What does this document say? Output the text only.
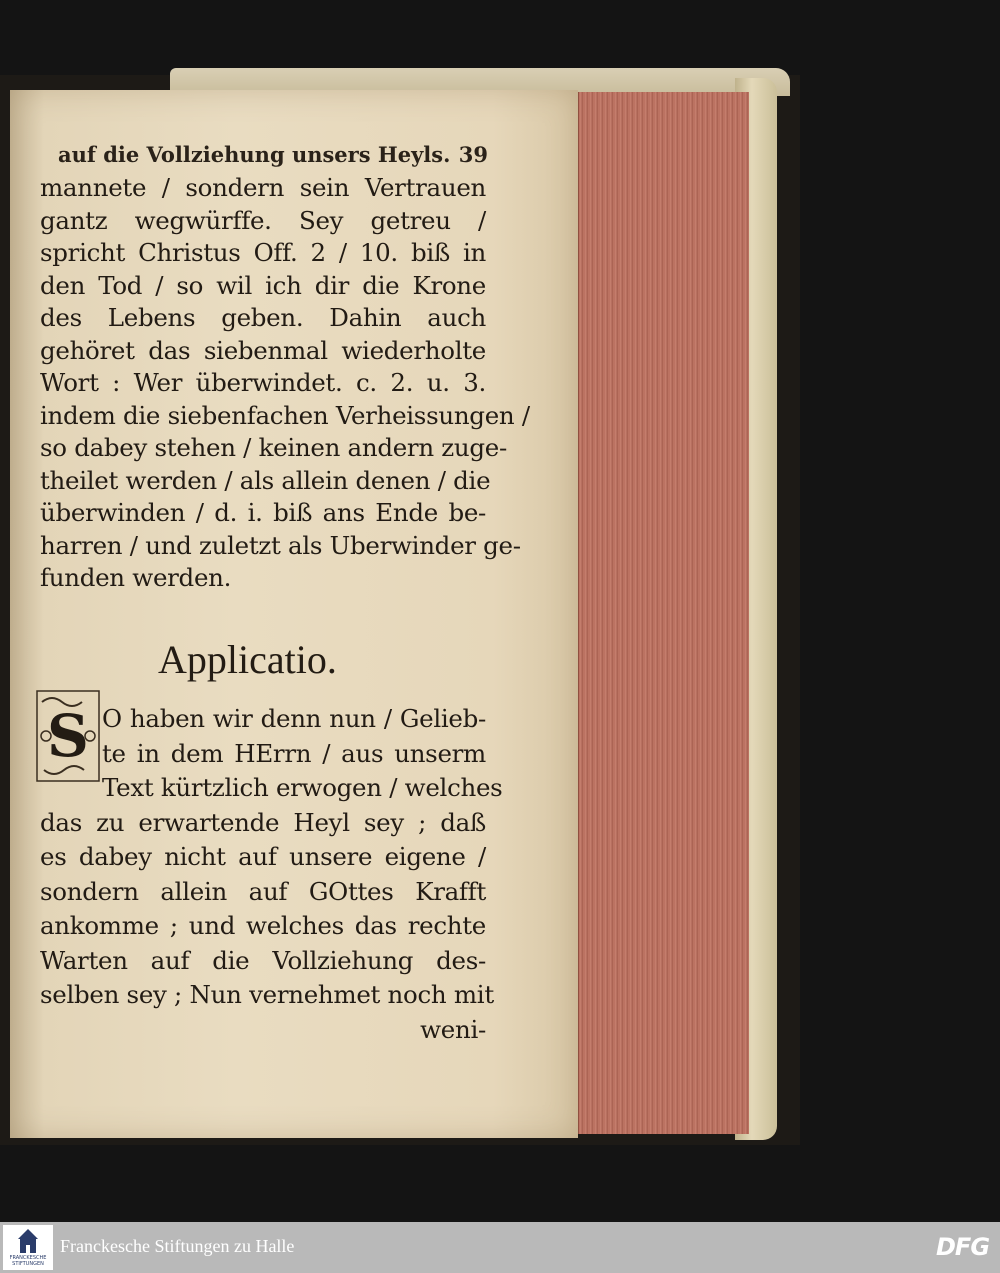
auf die Vollziehung unsers Heyls. 39
mannete / sondern sein Vertrauen
gantz wegwürffe. Sey getreu /
spricht Christus Off. 2 / 10. biß in
den Tod / so wil ich dir die Krone
des Lebens geben. Dahin auch
gehöret das siebenmal wiederholte
Wort : Wer überwindet. c. 2. u. 3.
indem die siebenfachen Verheissungen /
so dabey stehen / keinen andern zuge-
theilet werden / als allein denen / die
überwinden / d. i. biß ans Ende be-
harren / und zuletzt als Uberwinder ge-
funden werden.
Applicatio.
S O haben wir denn nun / Gelieb-
te in dem HErrn / aus unserm
Text kürtzlich erwogen / welches
das zu erwartende Heyl sey ; daß
es dabey nicht auf unsere eigene /
sondern allein auf GOttes Krafft
ankomme ; und welches das rechte
Warten auf die Vollziehung des-
selben sey ; Nun vernehmet noch mit
weni-
FRANCKESCHE STIFTUNGEN
Franckesche Stiftungen zu Halle	DFG
